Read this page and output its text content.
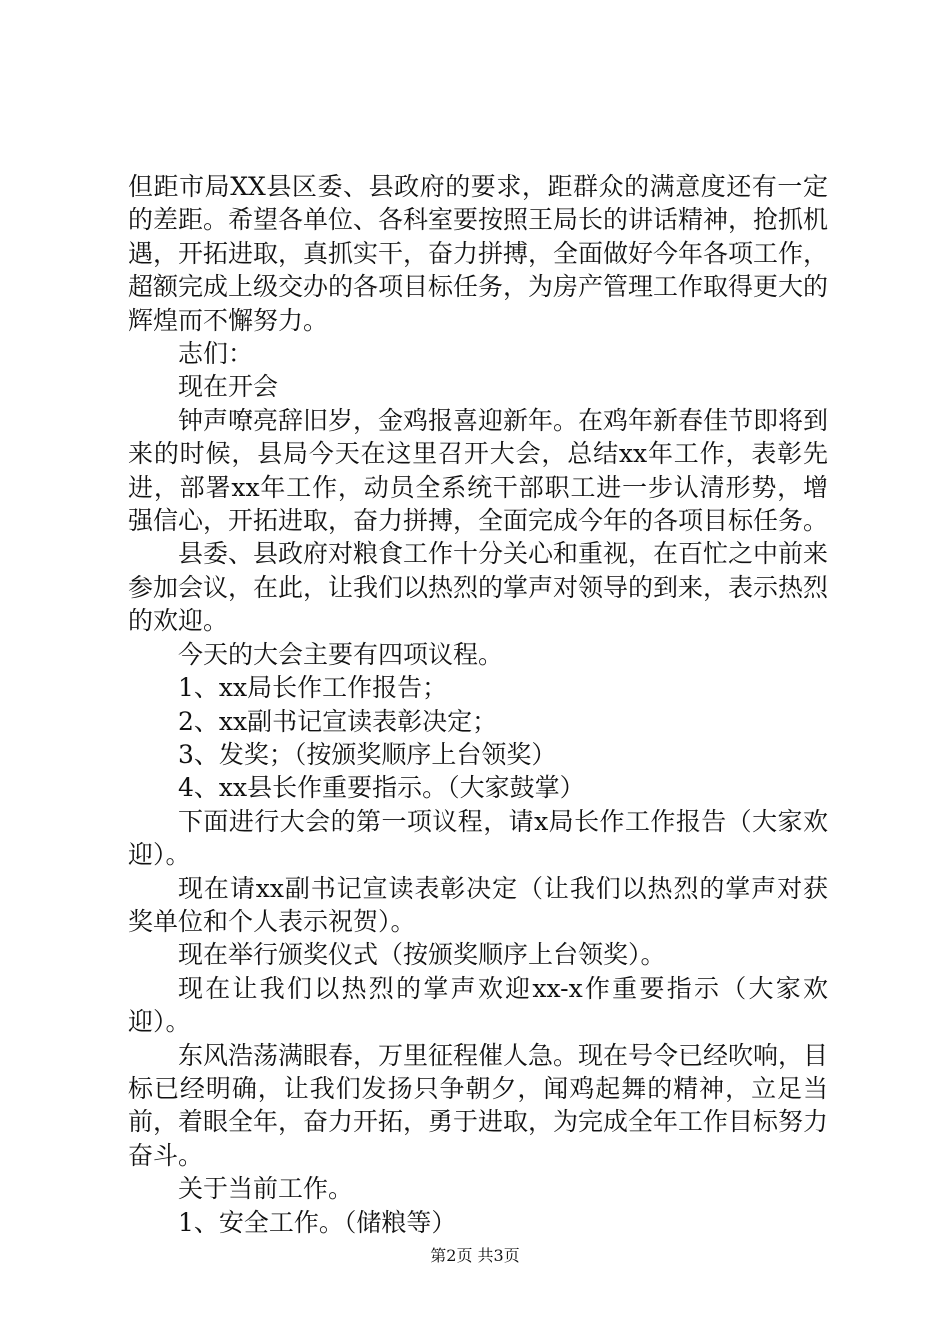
但距市局XX县区委、县政府的要求，距群众的满意度还有一定的差距。希望各单位、各科室要按照王局长的讲话精神，抢抓机遇，开拓进取，真抓实干，奋力拼搏，全面做好今年各项工作，超额完成上级交办的各项目标任务，为房产管理工作取得更大的辉煌而不懈努力。

志们：

现在开会

钟声嘹亮辞旧岁，金鸡报喜迎新年。在鸡年新春佳节即将到来的时候，县局今天在这里召开大会，总结xx年工作，表彰先进，部署xx年工作，动员全系统干部职工进一步认清形势，增强信心，开拓进取，奋力拼搏，全面完成今年的各项目标任务。

县委、县政府对粮食工作十分关心和重视，在百忙之中前来参加会议，在此，让我们以热烈的掌声对领导的到来，表示热烈的欢迎。

今天的大会主要有四项议程。

1、xx局长作工作报告；

2、xx副书记宣读表彰决定；

3、发奖；（按颁奖顺序上台领奖）

4、xx县长作重要指示。（大家鼓掌）

下面进行大会的第一项议程，请x局长作工作报告（大家欢迎）。

现在请xx副书记宣读表彰决定（让我们以热烈的掌声对获奖单位和个人表示祝贺）。

现在举行颁奖仪式（按颁奖顺序上台领奖）。

现在让我们以热烈的掌声欢迎xx-x作重要指示（大家欢迎）。

东风浩荡满眼春，万里征程催人急。现在号令已经吹响，目标已经明确，让我们发扬只争朝夕，闻鸡起舞的精神，立足当前，着眼全年，奋力开拓，勇于进取，为完成全年工作目标努力奋斗。

关于当前工作。

1、安全工作。（储粮等）

第2页 共3页
